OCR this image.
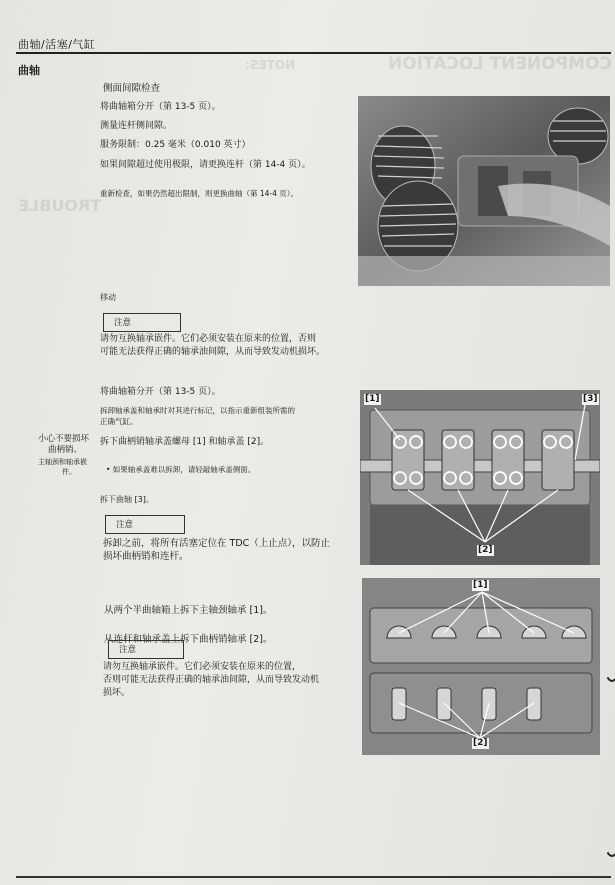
COMPONENT LOCATION
TROUBLE
NOTES:
曲轴/活塞/气缸
曲轴
侧面间隙检查
将曲轴箱分开（第 13-5 页）。
测量连杆侧间隙。
服务限制：0.25 毫米（0.010 英寸）
如果间隙超过使用极限，请更换连杆（第 14-4 页）。
重新检查，如果仍然超出限制，则更换曲轴（第 14-4 页）。
移动
注意
请勿互换轴承嵌件。它们必须安装在原来的位置，否则
可能无法获得正确的轴承油间隙，从而导致发动机损坏。
将曲轴箱分开（第 13-5 页）。
拆卸轴承盖和轴承时对其进行标记，以指示重新组装所需的
正确气缸。
小心不要损坏
曲柄销、
主轴颈和轴承嵌
件。
拆下曲柄销轴承盖螺母 [1] 和轴承盖 [2]。
• 如果轴承盖难以拆卸，请轻敲轴承盖侧面。
拆下曲轴 [3]。
注意
拆卸之前，将所有活塞定位在 TDC（上止点），以防止
损坏曲柄销和连杆。
从两个半曲轴箱上拆下主轴颈轴承 [1]。
从连杆和轴承盖上拆下曲柄销轴承 [2]。
注意
请勿互换轴承嵌件。它们必须安装在原来的位置，
否则可能无法获得正确的轴承油间隙，从而导致发动机
损坏。
[1]	[3]
[2]
[1]
[2]
